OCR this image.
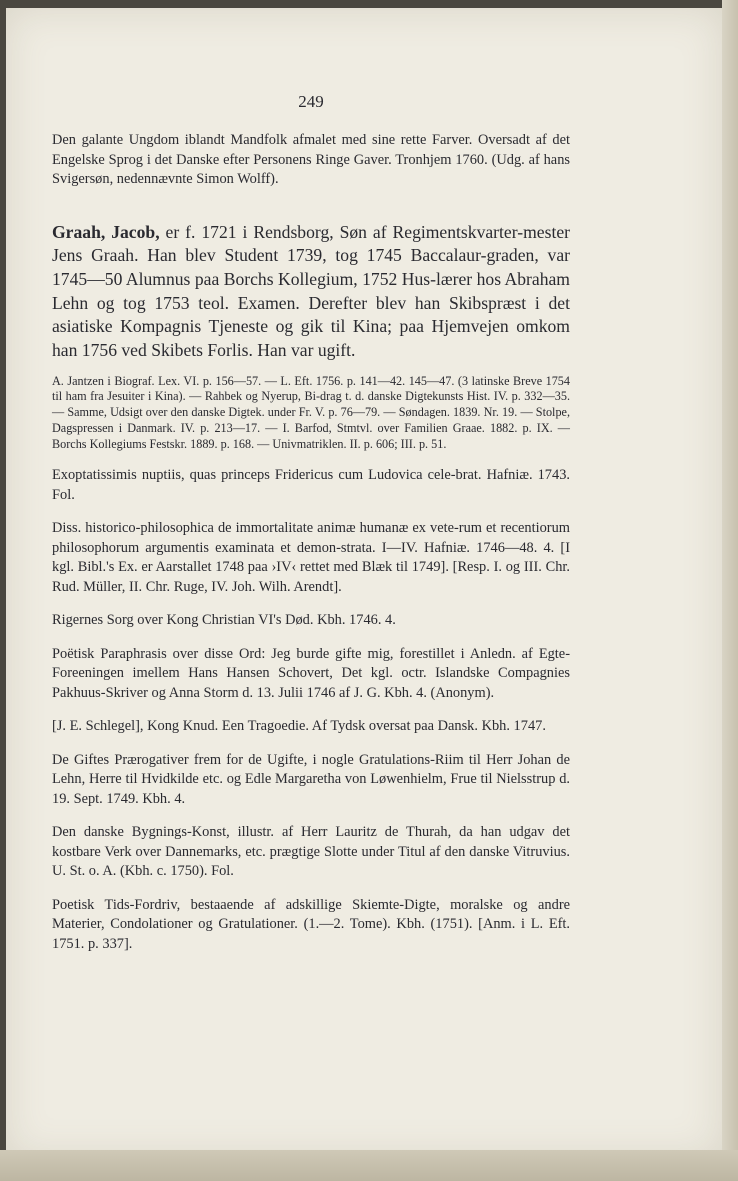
249

Den galante Ungdom iblandt Mandfolk afmalet med sine rette Farver. Oversadt af det Engelske Sprog i det Danske efter Personens Ringe Gaver. Tronhjem 1760. (Udg. af hans Svigersøn, nedennævnte Simon Wolff).

Graah, Jacob, er f. 1721 i Rendsborg, Søn af Regimentskvarter-mester Jens Graah. Han blev Student 1739, tog 1745 Baccalaur-graden, var 1745—50 Alumnus paa Borchs Kollegium, 1752 Hus-lærer hos Abraham Lehn og tog 1753 teol. Examen. Derefter blev han Skibspræst i det asiatiske Kompagnis Tjeneste og gik til Kina; paa Hjemvejen omkom han 1756 ved Skibets Forlis. Han var ugift.

A. Jantzen i Biograf. Lex. VI. p. 156—57. — L. Eft. 1756. p. 141—42. 145—47. (3 latinske Breve 1754 til ham fra Jesuiter i Kina). — Rahbek og Nyerup, Bi-drag t. d. danske Digtekunsts Hist. IV. p. 332—35. — Samme, Udsigt over den danske Digtek. under Fr. V. p. 76—79. — Søndagen. 1839. Nr. 19. — Stolpe, Dagspressen i Danmark. IV. p. 213—17. — I. Barfod, Stmtvl. over Familien Graae. 1882. p. IX. — Borchs Kollegiums Festskr. 1889. p. 168. — Univmatriklen. II. p. 606; III. p. 51.

Exoptatissimis nuptiis, quas princeps Fridericus cum Ludovica cele-brat. Hafniæ. 1743. Fol.

Diss. historico-philosophica de immortalitate animæ humanæ ex vete-rum et recentiorum philosophorum argumentis examinata et demon-strata. I—IV. Hafniæ. 1746—48. 4. [I kgl. Bibl.'s Ex. er Aarstallet 1748 paa ›IV‹ rettet med Blæk til 1749]. [Resp. I. og III. Chr. Rud. Müller, II. Chr. Ruge, IV. Joh. Wilh. Arendt].

Rigernes Sorg over Kong Christian VI's Død. Kbh. 1746. 4.

Poëtisk Paraphrasis over disse Ord: Jeg burde gifte mig, forestillet i Anledn. af Egte-Foreeningen imellem Hans Hansen Schovert, Det kgl. octr. Islandske Compagnies Pakhuus-Skriver og Anna Storm d. 13. Julii 1746 af J. G. Kbh. 4. (Anonym).

[J. E. Schlegel], Kong Knud. Een Tragoedie. Af Tydsk oversat paa Dansk. Kbh. 1747.

De Giftes Prærogativer frem for de Ugifte, i nogle Gratulations-Riim til Herr Johan de Lehn, Herre til Hvidkilde etc. og Edle Margaretha von Løwenhielm, Frue til Nielsstrup d. 19. Sept. 1749. Kbh. 4.

Den danske Bygnings-Konst, illustr. af Herr Lauritz de Thurah, da han udgav det kostbare Verk over Dannemarks, etc. prægtige Slotte under Titul af den danske Vitruvius. U. St. o. A. (Kbh. c. 1750). Fol.

Poetisk Tids-Fordriv, bestaaende af adskillige Skiemte-Digte, moralske og andre Materier, Condolationer og Gratulationer. (1.—2. Tome). Kbh. (1751). [Anm. i L. Eft. 1751. p. 337].
